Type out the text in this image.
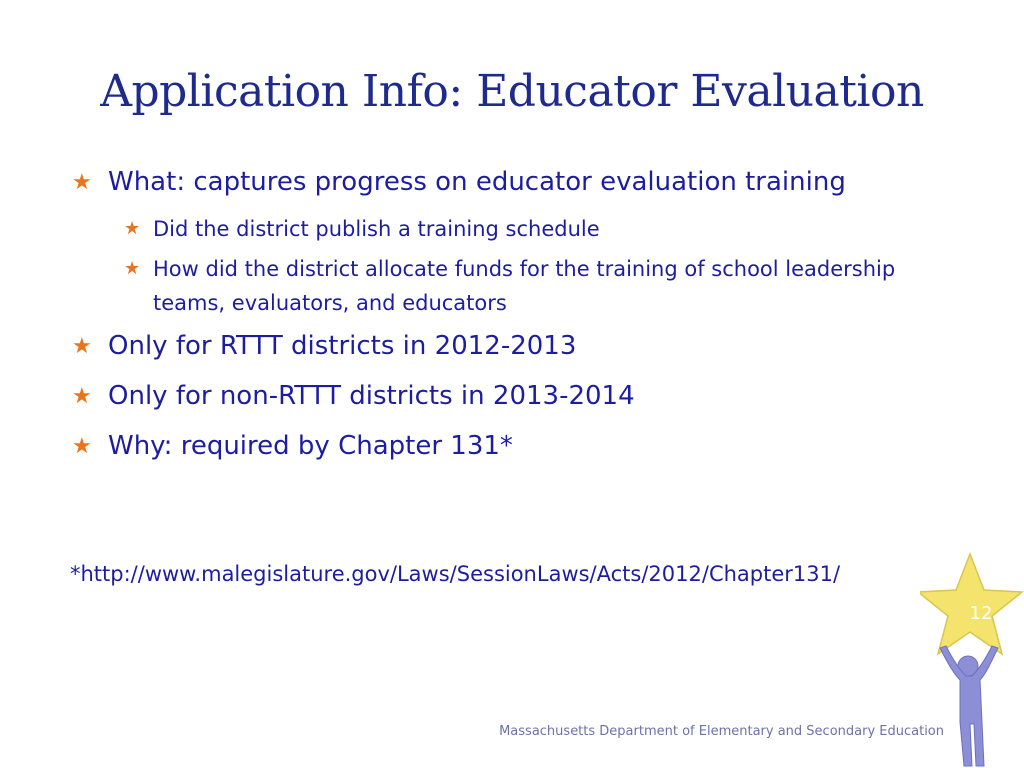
Application Info: Educator Evaluation
★ What: captures progress on educator evaluation training
★ Did the district publish a training schedule
★ How did the district allocate funds for the training of school leadership teams, evaluators, and educators
★ Only for RTTT districts in 2012-2013
★ Only for non-RTTT districts in 2013-2014
★ Why: required by Chapter 131*
*http://www.malegislature.gov/Laws/SessionLaws/Acts/2012/Chapter131/
Massachusetts Department of Elementary and Secondary Education
12
